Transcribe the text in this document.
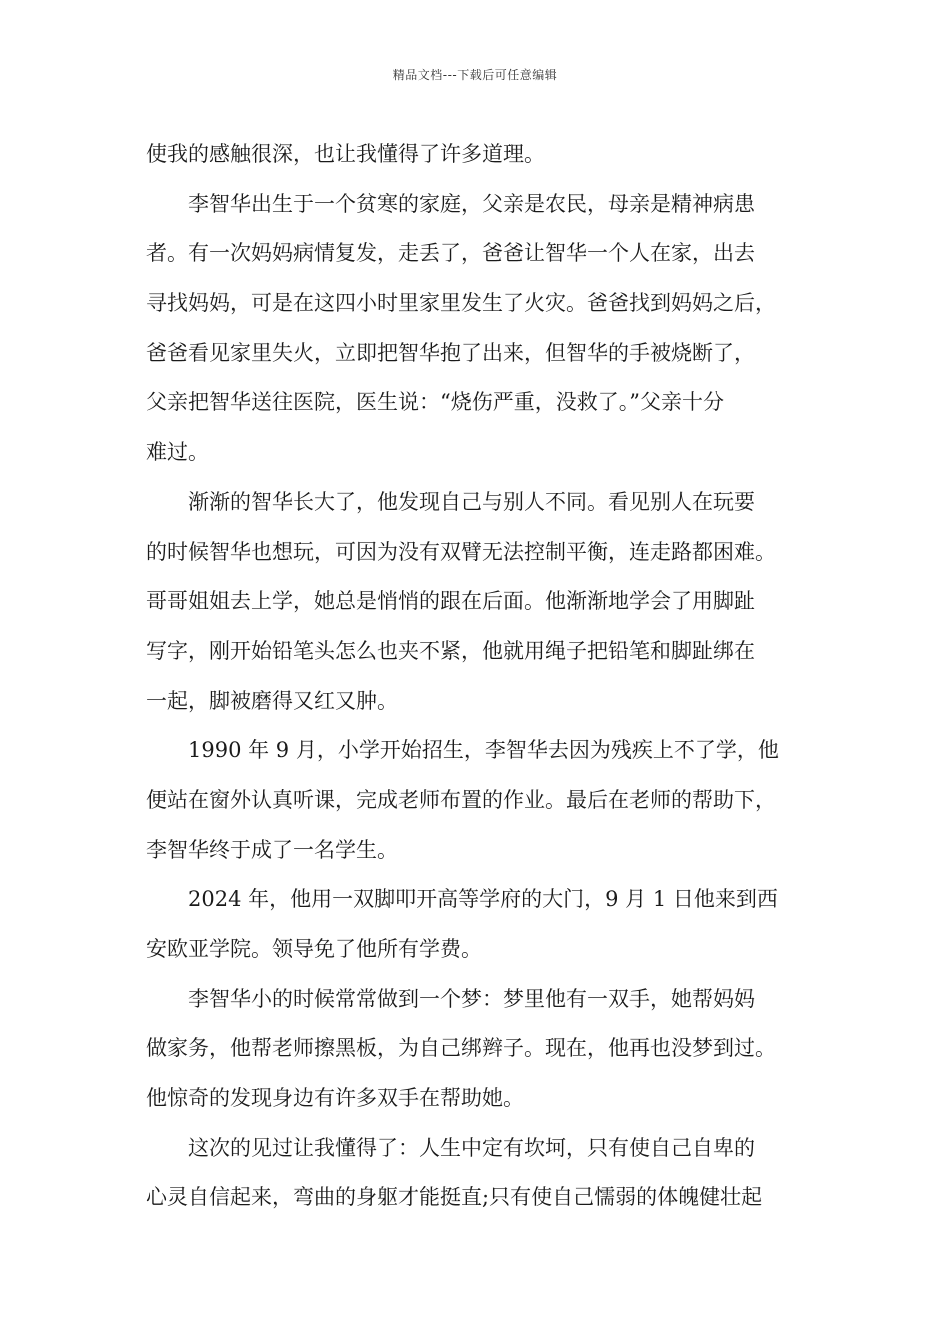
精品文档---下载后可任意编辑
使我的感触很深，也让我懂得了许多道理。
李智华出生于一个贫寒的家庭，父亲是农民，母亲是精神病患
者。有一次妈妈病情复发，走丢了，爸爸让智华一个人在家，出去
寻找妈妈，可是在这四小时里家里发生了火灾。爸爸找到妈妈之后，
爸爸看见家里失火，立即把智华抱了出来，但智华的手被烧断了，
父亲把智华送往医院，医生说：“烧伤严重，没救了。”父亲十分
难过。
渐渐的智华长大了，他发现自己与别人不同。看见别人在玩要
的时候智华也想玩，可因为没有双臂无法控制平衡，连走路都困难。
哥哥姐姐去上学，她总是悄悄的跟在后面。他渐渐地学会了用脚趾
写字，刚开始铅笔头怎么也夹不紧，他就用绳子把铅笔和脚趾绑在
一起，脚被磨得又红又肿。
1990 年 9 月，小学开始招生，李智华去因为残疾上不了学，他
便站在窗外认真听课，完成老师布置的作业。最后在老师的帮助下，
李智华终于成了一名学生。
2024 年，他用一双脚叩开高等学府的大门，9 月 1 日他来到西
安欧亚学院。领导免了他所有学费。
李智华小的时候常常做到一个梦：梦里他有一双手，她帮妈妈
做家务，他帮老师擦黑板，为自己绑辫子。现在，他再也没梦到过。
他惊奇的发现身边有许多双手在帮助她。
这次的见过让我懂得了：人生中定有坎坷，只有使自己自卑的
心灵自信起来，弯曲的身躯才能挺直;只有使自己懦弱的体魄健壮起
